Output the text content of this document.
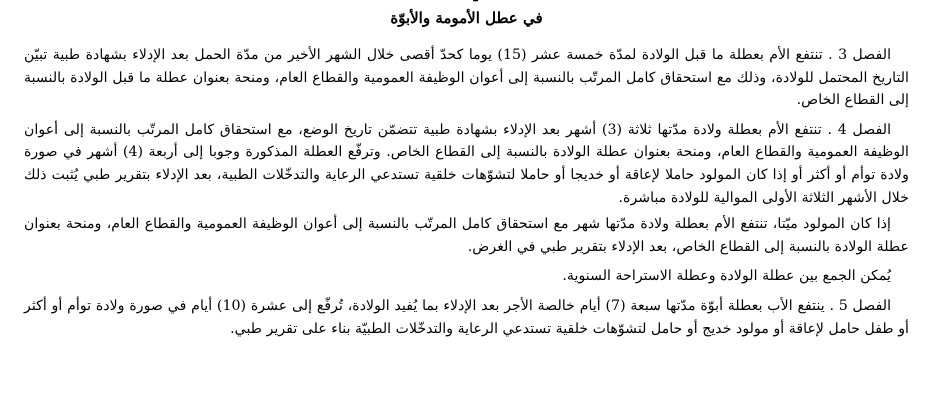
في عطل الأمومة والأبوّة

الفصل 3 . تنتفع الأم بعطلة ما قبل الولادة لمدّة خمسة عشر (15) يوما كحدّ أقصى خلال الشهر الأخير من مدّة الحمل بعد الإدلاء بشهادة طبية تبيّن التاريخ المحتمل للولادة، وذلك مع استحقاق كامل المرتّب بالنسبة إلى أعوان الوظيفة العمومية والقطاع العام، ومنحة بعنوان عطلة ما قبل الولادة بالنسبة إلى القطاع الخاص.

الفصل 4 . تنتفع الأم بعطلة ولادة مدّتها ثلاثة (3) أشهر بعد الإدلاء بشهادة طبية تتضمّن تاريخ الوضع، مع استحقاق كامل المرتّب بالنسبة إلى أعوان الوظيفة العمومية والقطاع العام، ومنحة بعنوان عطلة الولادة بالنسبة إلى القطاع الخاص. وترفّع العطلة المذكورة وجوبا إلى أربعة (4) أشهر في صورة ولادة توأم أو أكثر أو إذا كان المولود حاملا لإعاقة أو خديجا أو حاملا لتشوّهات خلقية تستدعي الرعاية والتدخّلات الطبية، بعد الإدلاء بتقرير طبي يُثبت ذلك خلال الأشهر الثلاثة الأولى الموالية للولادة مباشرة.

إذا كان المولود ميّتا، تنتفع الأم بعطلة ولادة مدّتها شهر مع استحقاق كامل المرتّب بالنسبة إلى أعوان الوظيفة العمومية والقطاع العام، ومنحة بعنوان عطلة الولادة بالنسبة إلى القطاع الخاص، بعد الإدلاء بتقرير طبي في الغرض.

يُمكن الجمع بين عطلة الولادة وعطلة الاستراحة السنوية.

الفصل 5 . ينتفع الأب بعطلة أبوّة مدّتها سبعة (7) أيام خالصة الأجر بعد الإدلاء بما يُفيد الولادة، تُرفّع إلى عشرة (10) أيام في صورة ولادة توأم أو أكثر أو طفل حامل لإعاقة أو مولود خديج أو حامل لتشوّهات خلقية تستدعي الرعاية والتدخّلات الطبيّة بناء على تقرير طبي.
